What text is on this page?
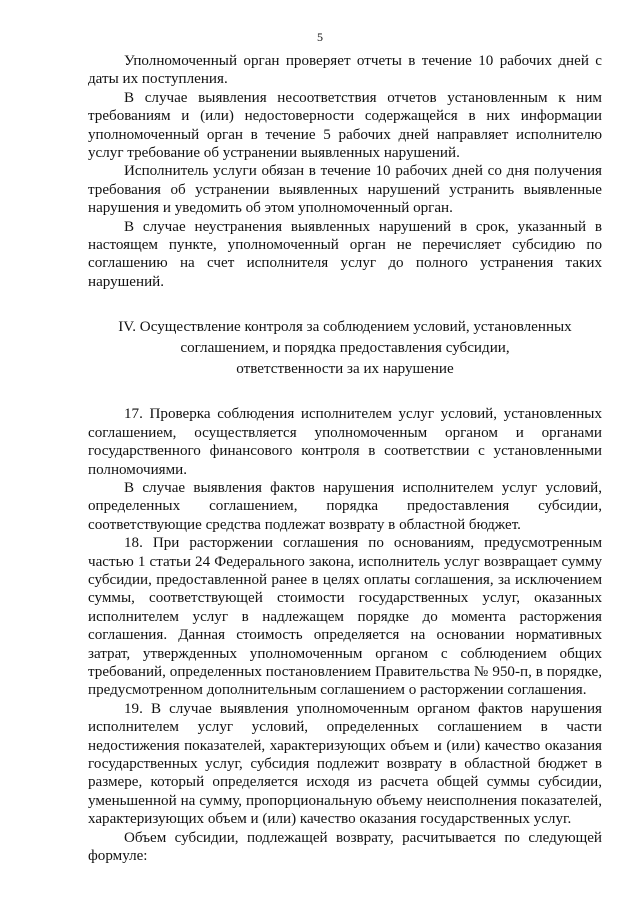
5

Уполномоченный орган проверяет отчеты в течение 10 рабочих дней с даты их поступления.

В случае выявления несоответствия отчетов установленным к ним требованиям и (или) недостоверности содержащейся в них информации уполномоченный орган в течение 5 рабочих дней направляет исполнителю услуг требование об устранении выявленных нарушений.

Исполнитель услуги обязан в течение 10 рабочих дней со дня получения требования об устранении выявленных нарушений устранить выявленные нарушения и уведомить об этом уполномоченный орган.

В случае неустранения выявленных нарушений в срок, указанный в настоящем пункте, уполномоченный орган не перечисляет субсидию по соглашению на счет исполнителя услуг до полного устранения таких нарушений.

IV. Осуществление контроля за соблюдением условий, установленных
соглашением, и порядка предоставления субсидии,
ответственности за их нарушение

17. Проверка соблюдения исполнителем услуг условий, установленных соглашением, осуществляется уполномоченным органом и органами государственного финансового контроля в соответствии с установленными полномочиями.

В случае выявления фактов нарушения исполнителем услуг условий, определенных соглашением, порядка предоставления субсидии, соответствующие средства подлежат возврату в областной бюджет.

18. При расторжении соглашения по основаниям, предусмотренным частью 1 статьи 24 Федерального закона, исполнитель услуг возвращает сумму субсидии, предоставленной ранее в целях оплаты соглашения, за исключением суммы, соответствующей стоимости государственных услуг, оказанных исполнителем услуг в надлежащем порядке до момента расторжения соглашения. Данная стоимость определяется на основании нормативных затрат, утвержденных уполномоченным органом с соблюдением общих требований, определенных постановлением Правительства № 950-п, в порядке, предусмотренном дополнительным соглашением о расторжении соглашения.

19. В случае выявления уполномоченным органом фактов нарушения исполнителем услуг условий, определенных соглашением в части недостижения показателей, характеризующих объем и (или) качество оказания государственных услуг, субсидия подлежит возврату в областной бюджет в размере, который определяется исходя из расчета общей суммы субсидии, уменьшенной на сумму, пропорциональную объему неисполнения показателей, характеризующих объем и (или) качество оказания государственных услуг.

Объем субсидии, подлежащей возврату, расчитывается по следующей формуле:
